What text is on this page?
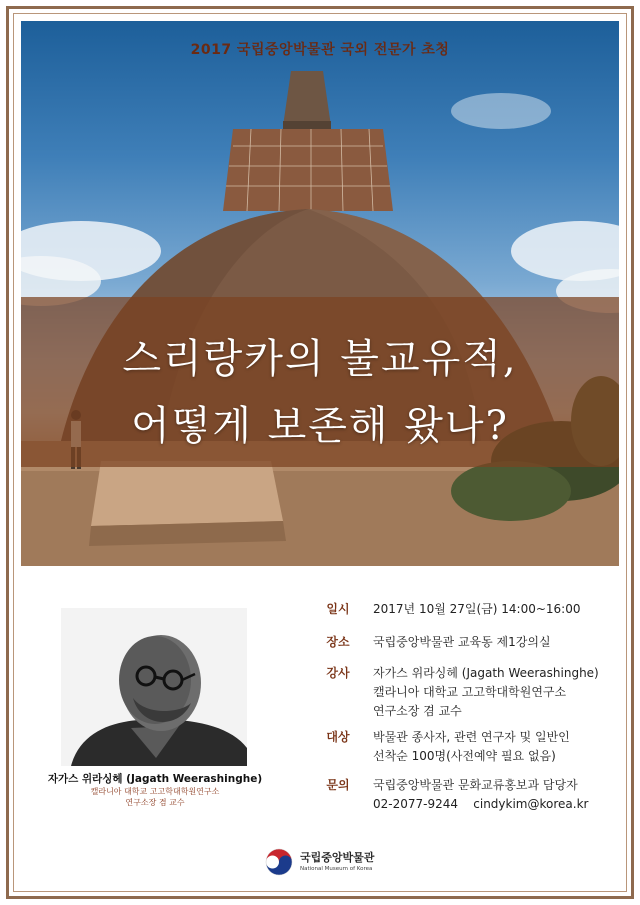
2017 국립중앙박물관 국외 전문가 초청
스리랑카의 불교유적,
어떻게 보존해 왔나?
자가스 위라싱헤 (Jagath Weerashinghe)
캘라니아 대학교 고고학대학원연구소
연구소장 겸 교수
일시	2017년 10월 27일(금) 14:00~16:00
장소	국립중앙박물관 교육동 제1강의실
강사	자가스 위라싱헤 (Jagath Weerashinghe)
캘라니아 대학교 고고학대학원연구소
연구소장 겸 교수
대상	박물관 종사자, 관련 연구자 및 일반인
선착순 100명(사전예약 필요 없음)
문의	국립중앙박물관 문화교류홍보과 담당자
02-2077-9244    cindykim@korea.kr
국립중앙박물관
National Museum of Korea
